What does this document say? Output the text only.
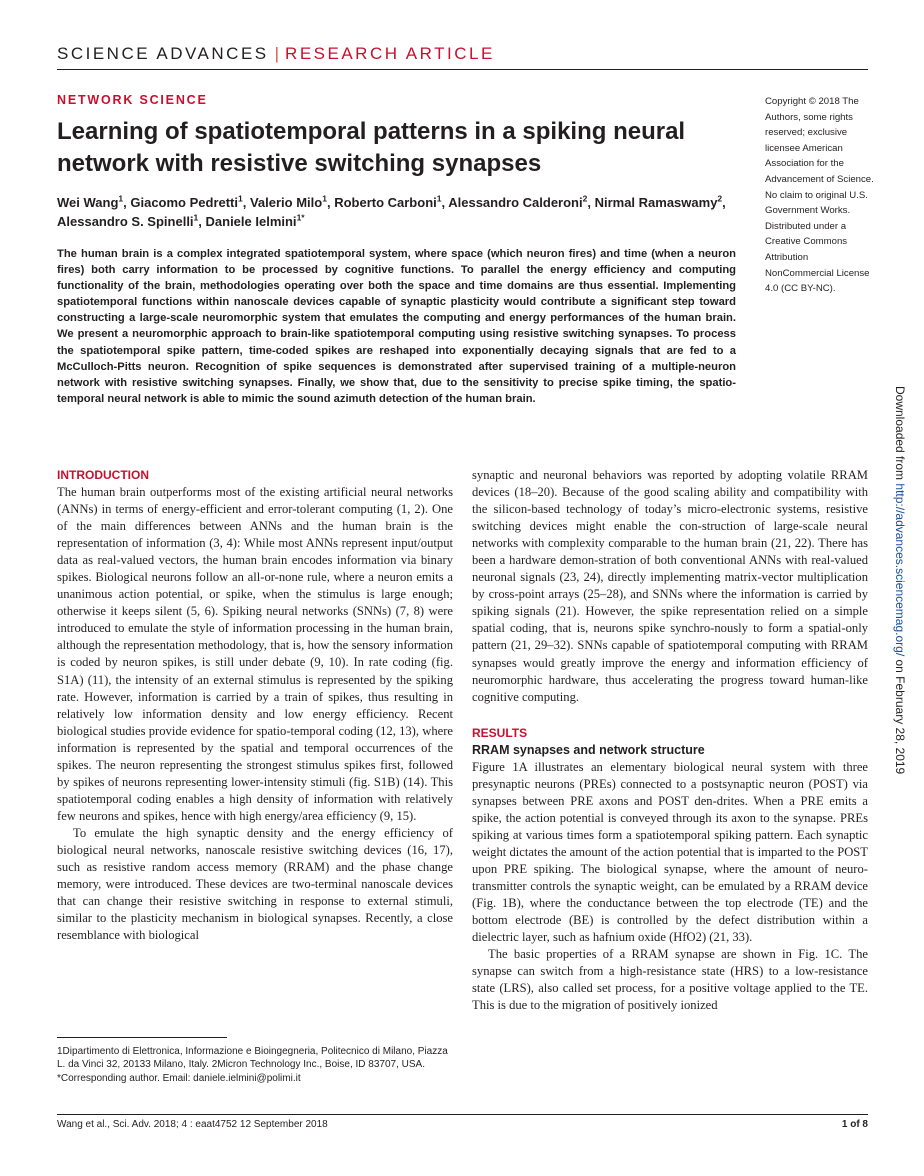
SCIENCE ADVANCES | RESEARCH ARTICLE
NETWORK SCIENCE
Learning of spatiotemporal patterns in a spiking neural network with resistive switching synapses
Wei Wang$^1$, Giacomo Pedretti$^1$, Valerio Milo$^1$, Roberto Carboni$^1$, Alessandro Calderoni$^2$, Nirmal Ramaswamy$^2$, Alessandro S. Spinelli$^1$, Daniele Ielmini$^{1*}$
The human brain is a complex integrated spatiotemporal system, where space (which neuron fires) and time (when a neuron fires) both carry information to be processed by cognitive functions. To parallel the energy efficiency and computing functionality of the brain, methodologies operating over both the space and time domains are thus essential. Implementing spatiotemporal functions within nanoscale devices capable of synaptic plasticity would contribute a significant step toward constructing a large-scale neuromorphic system that emulates the computing and energy performances of the human brain. We present a neuromorphic approach to brain-like spatiotemporal computing using resistive switching synapses. To process the spatiotemporal spike pattern, time-coded spikes are reshaped into exponentially decaying signals that are fed to a McCulloch-Pitts neuron. Recognition of spike sequences is demonstrated after supervised training of a multiple-neuron network with resistive switching synapses. Finally, we show that, due to the sensitivity to precise spike timing, the spatio-temporal neural network is able to mimic the sound azimuth detection of the human brain.
Copyright © 2018 The Authors, some rights reserved; exclusive licensee American Association for the Advancement of Science. No claim to original U.S. Government Works. Distributed under a Creative Commons Attribution NonCommercial License 4.0 (CC BY-NC).
Downloaded from http://advances.sciencemag.org/ on February 28, 2019

INTRODUCTION

The human brain outperforms most of the existing artificial neural networks (ANNs) in terms of energy-efficient and error-tolerant computing (1, 2). One of the main differences between ANNs and the human brain is the representation of information (3, 4): While most ANNs represent input/output data as real-valued vectors, the human brain encodes information via binary spikes. Biological neurons follow an all-or-none rule, where a neuron emits a unanimous action potential, or spike, when the stimulus is large enough; otherwise it keeps silent (5, 6). Spiking neural networks (SNNs) (7, 8) were introduced to emulate the style of information processing in the human brain, although the representation methodology, that is, how the sensory information is coded by neuron spikes, is still under debate (9, 10). In rate coding (fig. S1A) (11), the intensity of an external stimulus is represented by the spiking rate. However, information is carried by a train of spikes, thus resulting in relatively low information density and low energy efficiency. Recent biological studies provide evidence for spatio-temporal coding (12, 13), where information is represented by the spatial and temporal occurrences of the spikes. The neuron representing the strongest stimulus spikes first, followed by spikes of neurons representing lower-intensity stimuli (fig. S1B) (14). This spatiotemporal coding enables a high density of information with relatively few neurons and spikes, hence with high energy/area efficiency (9, 15).

To emulate the high synaptic density and the energy efficiency of biological neural networks, nanoscale resistive switching devices (16, 17), such as resistive random access memory (RRAM) and the phase change memory, were introduced. These devices are two-terminal nanoscale devices that can change their resistive switching in response to external stimuli, similar to the plasticity mechanism in biological synapses. Recently, a close resemblance with biological

synaptic and neuronal behaviors was reported by adopting volatile RRAM devices (18–20). Because of the good scaling ability and compatibility with the silicon-based technology of today’s micro-electronic systems, resistive switching devices might enable the con-struction of large-scale neural networks with complexity comparable to the human brain (21, 22). There has been a hardware demon-stration of both conventional ANNs with real-valued neuronal signals (23, 24), directly implementing matrix-vector multiplication by cross-point arrays (25–28), and SNNs where the information is carried by spiking signals (21). However, the spike representation relied on a simple spatial coding, that is, neurons spike synchro-nously to form a spatial-only pattern (21, 29–32). SNNs capable of spatiotemporal computing with RRAM synapses would greatly improve the energy and information efficiency of neuromorphic hardware, thus accelerating the progress toward human-like cognitive computing.

RESULTS

RRAM synapses and network structure

Figure 1A illustrates an elementary biological neural system with three presynaptic neurons (PREs) connected to a postsynaptic neuron (POST) via synapses between PRE axons and POST den-drites. When a PRE emits a spike, the action potential is conveyed through its axon to the synapse. PREs spiking at various times form a spatiotemporal spiking pattern. Each synaptic weight dictates the amount of the action potential that is imparted to the POST upon PRE spiking. The biological synapse, where the amount of neuro-transmitter controls the synaptic weight, can be emulated by a RRAM device (Fig. 1B), where the conductance between the top electrode (TE) and the bottom electrode (BE) is controlled by the defect distribution within a dielectric layer, such as hafnium oxide (HfO2) (21, 33).

The basic properties of a RRAM synapse are shown in Fig. 1C. The synapse can switch from a high-resistance state (HRS) to a low-resistance state (LRS), also called set process, for a positive voltage applied to the TE. This is due to the migration of positively ionized

1Dipartimento di Elettronica, Informazione e Bioingegneria, Politecnico di Milano, Piazza L. da Vinci 32, 20133 Milano, Italy. 2Micron Technology Inc., Boise, ID 83707, USA.
*Corresponding author. Email: daniele.ielmini@polimi.it
Wang et al., Sci. Adv. 2018; 4 : eaat4752 12 September 2018	1 of 8
